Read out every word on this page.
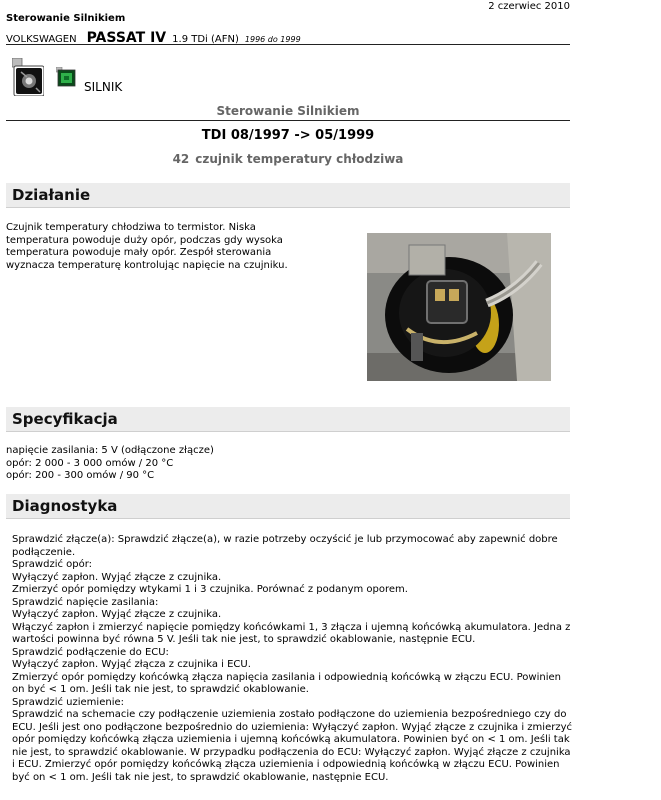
2 czerwiec 2010
Sterowanie Silnikiem
VOLKSWAGEN PASSAT IV 1.9 TDi (AFN) 1996 do 1999
SILNIK
Sterowanie Silnikiem
TDI 08/1997 -> 05/1999
42 czujnik temperatury chłodziwa
Działanie
Czujnik temperatury chłodziwa to termistor. Niska temperatura powoduje duży opór, podczas gdy wysoka temperatura powoduje mały opór. Zespół sterowania wyznacza temperaturę kontrolując napięcie na czujniku.
Specyfikacja
napięcie zasilania: 5 V (odłączone złącze)
opór: 2 000 - 3 000 omów / 20 °C
opór: 200 - 300 omów / 90 °C
Diagnostyka
Sprawdzić złącze(a): Sprawdzić złącze(a), w razie potrzeby oczyścić je lub przymocować aby zapewnić dobre podłączenie.
Sprawdzić opór:
Wyłączyć zapłon. Wyjąć złącze z czujnika.
Zmierzyć opór pomiędzy wtykami 1 i 3 czujnika. Porównać z podanym oporem.
Sprawdzić napięcie zasilania:
Wyłączyć zapłon. Wyjąć złącze z czujnika.
Włączyć zapłon i zmierzyć napięcie pomiędzy końcówkami 1, 3 złącza i ujemną końcówką akumulatora. Jedna z wartości powinna być równa 5 V. Jeśli tak nie jest, to sprawdzić okablowanie, następnie ECU.
Sprawdzić podłączenie do ECU:
Wyłączyć zapłon. Wyjąć złącza z czujnika i ECU.
Zmierzyć opór pomiędzy końcówką złącza napięcia zasilania i odpowiednią końcówką w złączu ECU. Powinien on być < 1 om. Jeśli tak nie jest, to sprawdzić okablowanie.
Sprawdzić uziemienie:
Sprawdzić na schemacie czy podłączenie uziemienia zostało podłączone do uziemienia bezpośredniego czy do ECU. Jeśli jest ono podłączone bezpośrednio do uziemienia: Wyłączyć zapłon. Wyjąć złącze z czujnika i zmierzyć opór pomiędzy końcówką złącza uziemienia i ujemną końcówką akumulatora. Powinien być on < 1 om. Jeśli tak nie jest, to sprawdzić okablowanie. W przypadku podłączenia do ECU: Wyłączyć zapłon. Wyjąć złącze z czujnika i ECU. Zmierzyć opór pomiędzy końcówką złącza uziemienia i odpowiednią końcówką w złączu ECU. Powinien być on < 1 om. Jeśli tak nie jest, to sprawdzić okablowanie, następnie ECU.
